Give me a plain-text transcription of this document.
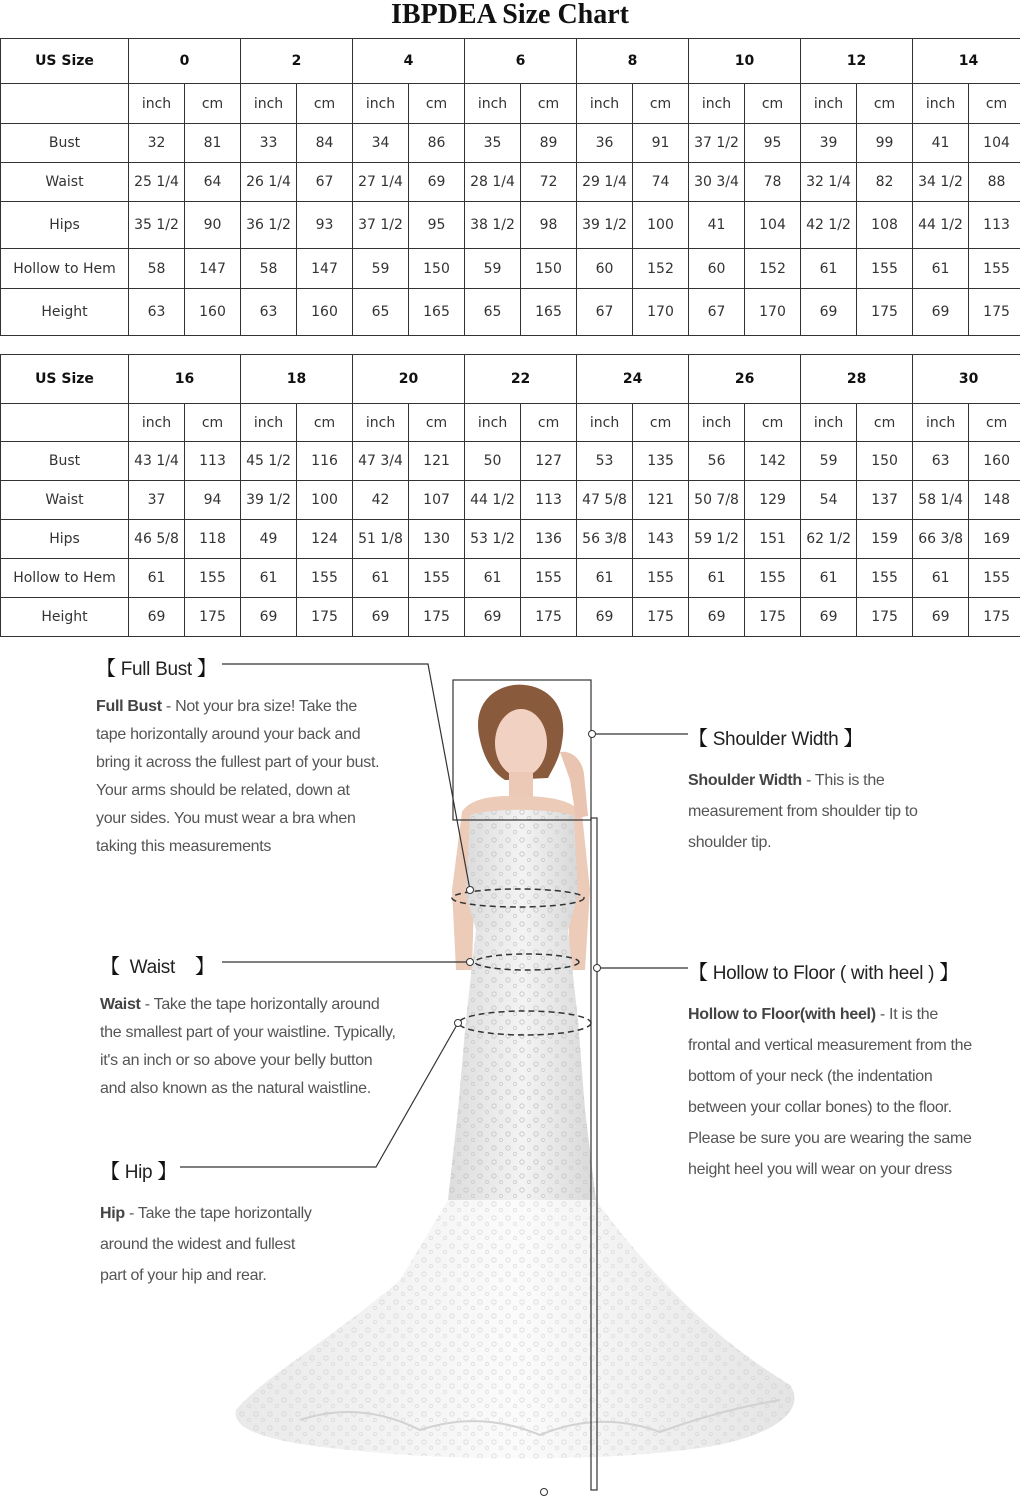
IBPDEA Size Chart
US Size	0		2		4		6		8		10		12		14	
	inch	cm	inch	cm	inch	cm	inch	cm	inch	cm	inch	cm	inch	cm	inch	cm
Bust	32	81	33	84	34	86	35	89	36	91	37 1/2	95	39	99	41	104
Waist	25 1/4	64	26 1/4	67	27 1/4	69	28 1/4	72	29 1/4	74	30 3/4	78	32 1/4	82	34 1/2	88
Hips	35 1/2	90	36 1/2	93	37 1/2	95	38 1/2	98	39 1/2	100	41	104	42 1/2	108	44 1/2	113
Hollow to Hem	58	147	58	147	59	150	59	150	60	152	60	152	61	155	61	155
Height	63	160	63	160	65	165	65	165	67	170	67	170	69	175	69	175
US Size	16		18		20		22		24		26		28		30	
	inch	cm	inch	cm	inch	cm	inch	cm	inch	cm	inch	cm	inch	cm	inch	cm
Bust	43 1/4	113	45 1/2	116	47 3/4	121	50	127	53	135	56	142	59	150	63	160
Waist	37	94	39 1/2	100	42	107	44 1/2	113	47 5/8	121	50 7/8	129	54	137	58 1/4	148
Hips	46 5/8	118	49	124	51 1/8	130	53 1/2	136	56 3/8	143	59 1/2	151	62 1/2	159	66 3/8	169
Hollow to Hem	61	155	61	155	61	155	61	155	61	155	61	155	61	155	61	155
Height	69	175	69	175	69	175	69	175	69	175	69	175	69	175	69	175
【 Full Bust 】
Full Bust - Not your bra size! Take the
tape horizontally around your back and
bring it across the fullest part of your bust.
Your arms should be related, down at
your sides. You must wear a bra when
taking this measurements
【 Waist 】
Waist - Take the tape horizontally around
the smallest part of your waistline. Typically,
it's an inch or so above your belly button
and also known as the natural waistline.
【 Hip 】
Hip - Take the tape horizontally
around the widest and fullest
part of your hip and rear.
【 Shoulder Width 】
Shoulder Width - This is the
measurement from shoulder tip to
shoulder tip.
【 Hollow to Floor ( with heel ) 】
Hollow to Floor(with heel) - It is the
frontal and vertical measurement from the
bottom of your neck (the indentation
between your collar bones) to the floor.
Please be sure you are wearing the same
height heel you will wear on your dress
